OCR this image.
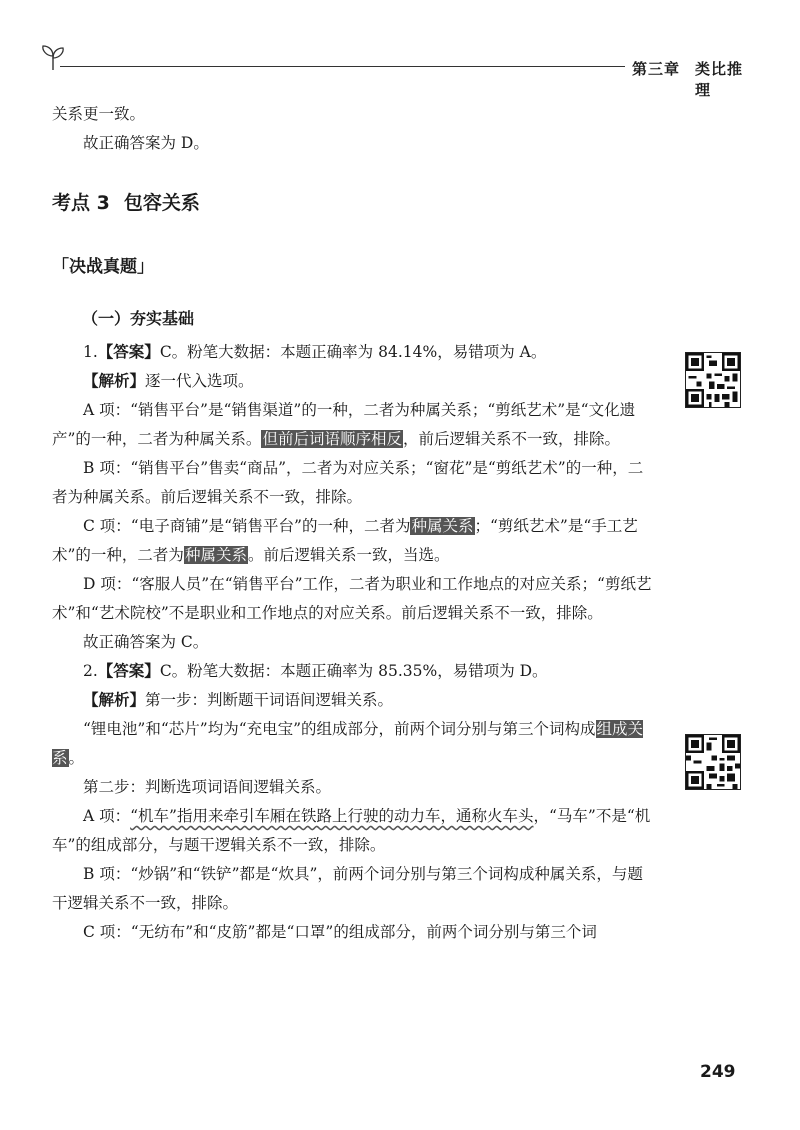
第三章 类比推理

关系更一致。

故正确答案为 D。

考点 3 包容关系
「决战真题」
（一）夯实基础

1.【答案】C。粉笔大数据：本题正确率为 84.14%，易错项为 A。

【解析】逐一代入选项。

A 项：“销售平台”是“销售渠道”的一种，二者为种属关系；“剪纸艺术”是“文化遗产”的一种，二者为种属关系。但前后词语顺序相反，前后逻辑关系不一致，排除。

B 项：“销售平台”售卖“商品”，二者为对应关系；“窗花”是“剪纸艺术”的一种，二者为种属关系。前后逻辑关系不一致，排除。

C 项：“电子商铺”是“销售平台”的一种，二者为种属关系；“剪纸艺术”是“手工艺术”的一种，二者为种属关系。前后逻辑关系一致，当选。

D 项：“客服人员”在“销售平台”工作，二者为职业和工作地点的对应关系；“剪纸艺术”和“艺术院校”不是职业和工作地点的对应关系。前后逻辑关系不一致，排除。

故正确答案为 C。

2.【答案】C。粉笔大数据：本题正确率为 85.35%，易错项为 D。

【解析】第一步：判断题干词语间逻辑关系。

“锂电池”和“芯片”均为“充电宝”的组成部分，前两个词分别与第三个词构成组成关系。

第二步：判断选项词语间逻辑关系。

A 项：“机车”指用来牵引车厢在铁路上行驶的动力车，通称火车头，“马车”不是“机车”的组成部分，与题干逻辑关系不一致，排除。

B 项：“炒锅”和“铁铲”都是“炊具”，前两个词分别与第三个词构成种属关系，与题干逻辑关系不一致，排除。

C 项：“无纺布”和“皮筋”都是“口罩”的组成部分，前两个词分别与第三个词

249
